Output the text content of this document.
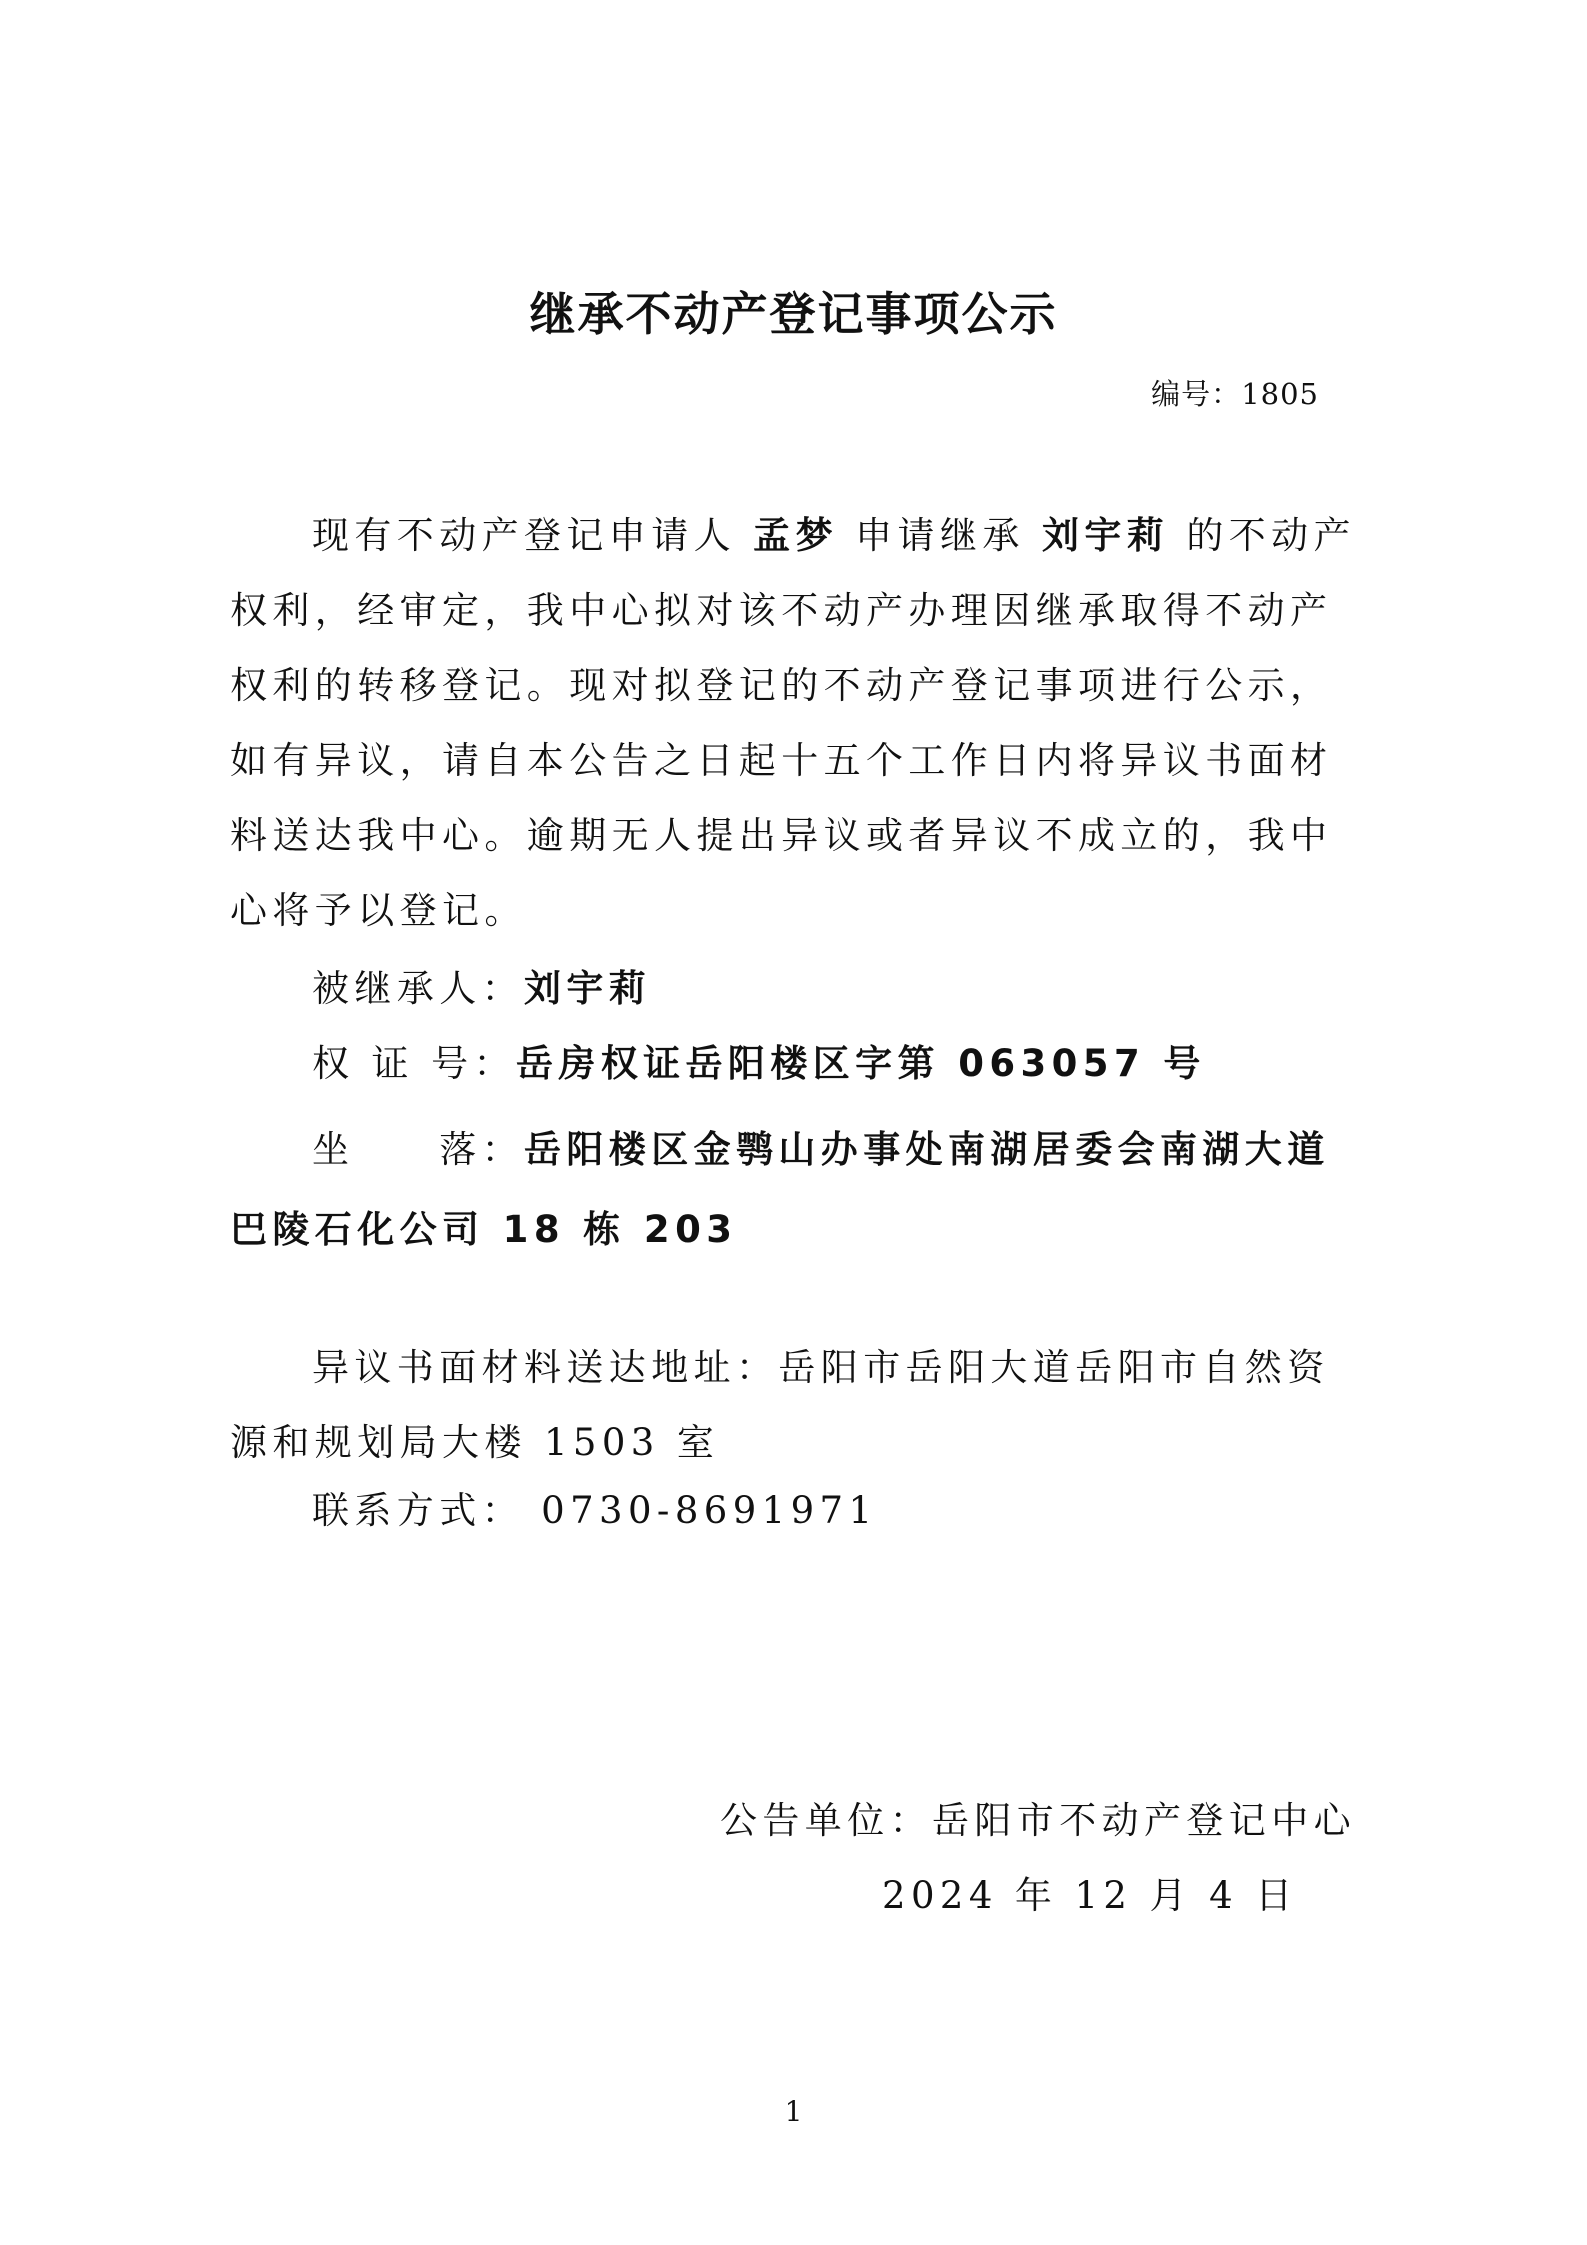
继承不动产登记事项公示
编号：1805

现有不动产登记申请人 孟梦 申请继承 刘宇莉 的不动产权利，经审定，我中心拟对该不动产办理因继承取得不动产权利的转移登记。现对拟登记的不动产登记事项进行公示，如有异议，请自本公告之日起十五个工作日内将异议书面材料送达我中心。逾期无人提出异议或者异议不成立的，我中心将予以登记。

被继承人：刘宇莉
权 证 号：岳房权证岳阳楼区字第 063057 号

坐　　落：岳阳楼区金鹗山办事处南湖居委会南湖大道巴陵石化公司 18 栋 203

异议书面材料送达地址：岳阳市岳阳大道岳阳市自然资源和规划局大楼 1503 室

联系方式： 0730-8691971
公告单位：岳阳市不动产登记中心
2024 年 12 月 4 日
1
